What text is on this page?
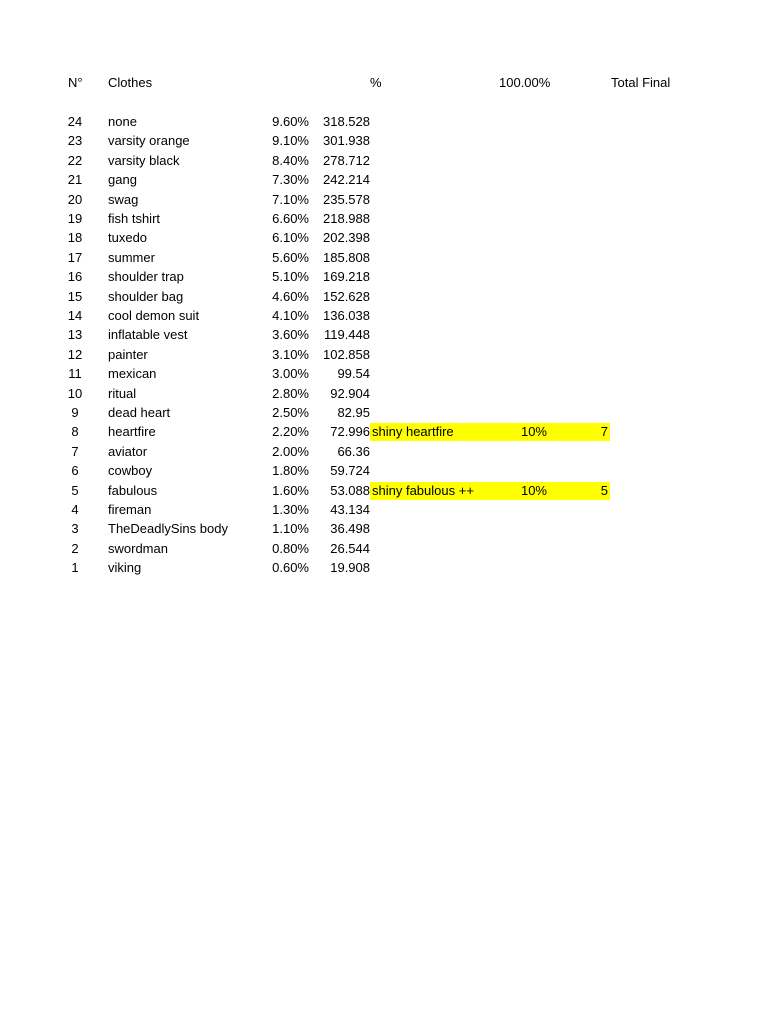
N° Clothes	%	100.00%	Total Final
24 none	9.60%	318.528
23 varsity orange	9.10%	301.938
22 varsity black	8.40%	278.712
21 gang	7.30%	242.214
20 swag	7.10%	235.578
19 fish tshirt	6.60%	218.988
18 tuxedo	6.10%	202.398
17 summer	5.60%	185.808
16 shoulder trap	5.10%	169.218
15 shoulder bag	4.60%	152.628
14 cool demon suit	4.10%	136.038
13 inflatable vest	3.60%	119.448
12 painter	3.10%	102.858
11	mexican	3.00%	99.54
10 ritual	2.80%	92.904
9	dead heart	2.50%	82.95
8	heartfire	2.20%	72.996 shiny heartfire	10%	7
7	aviator	2.00%	66.36
6	cowboy	1.80%	59.724
5	fabulous	1.60%	53.088 shiny fabulous ++	10%	5
4	fireman	1.30%	43.134
3	TheDeadlySins body	1.10%	36.498
2	swordman	0.80%	26.544
1	viking	0.60%	19.908
